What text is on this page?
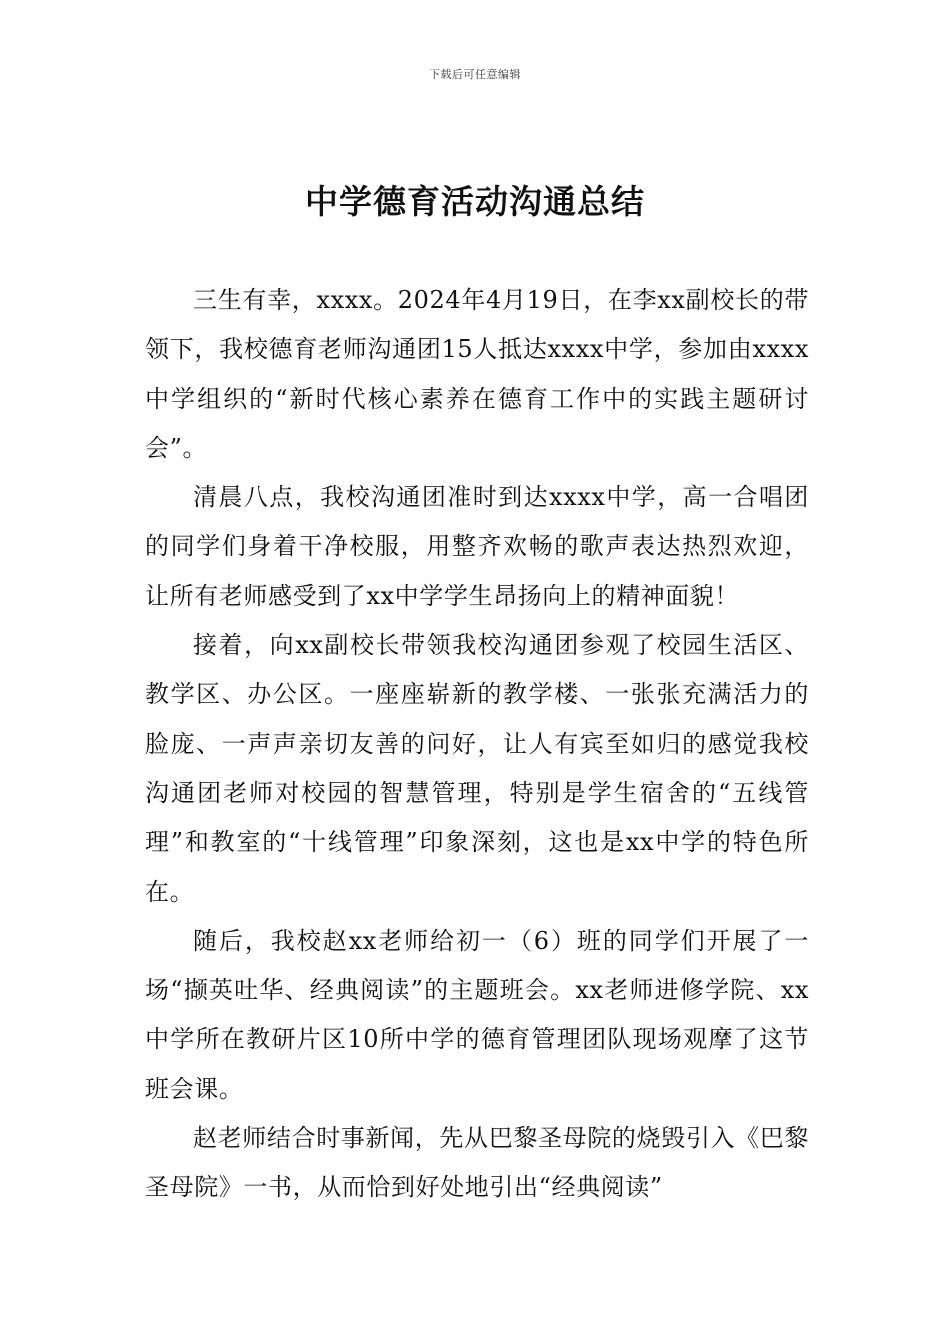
下载后可任意编辑
中学德育活动沟通总结

三生有幸，xxxx。2024年4月19日，在李xx副校长的带领下，我校德育老师沟通团15人抵达xxxx中学，参加由xxxx中学组织的“新时代核心素养在德育工作中的实践主题研讨会”。

清晨八点，我校沟通团准时到达xxxx中学，高一合唱团的同学们身着干净校服，用整齐欢畅的歌声表达热烈欢迎，让所有老师感受到了xx中学学生昂扬向上的精神面貌！

接着，向xx副校长带领我校沟通团参观了校园生活区、教学区、办公区。一座座崭新的教学楼、一张张充满活力的脸庞、一声声亲切友善的问好，让人有宾至如归的感觉我校沟通团老师对校园的智慧管理，特别是学生宿舍的“五线管理”和教室的“十线管理”印象深刻，这也是xx中学的特色所在。

随后，我校赵xx老师给初一（6）班的同学们开展了一场“撷英吐华、经典阅读”的主题班会。xx老师进修学院、xx中学所在教研片区10所中学的德育管理团队现场观摩了这节班会课。

赵老师结合时事新闻，先从巴黎圣母院的烧毁引入《巴黎圣母院》一书，从而恰到好处地引出“经典阅读”
